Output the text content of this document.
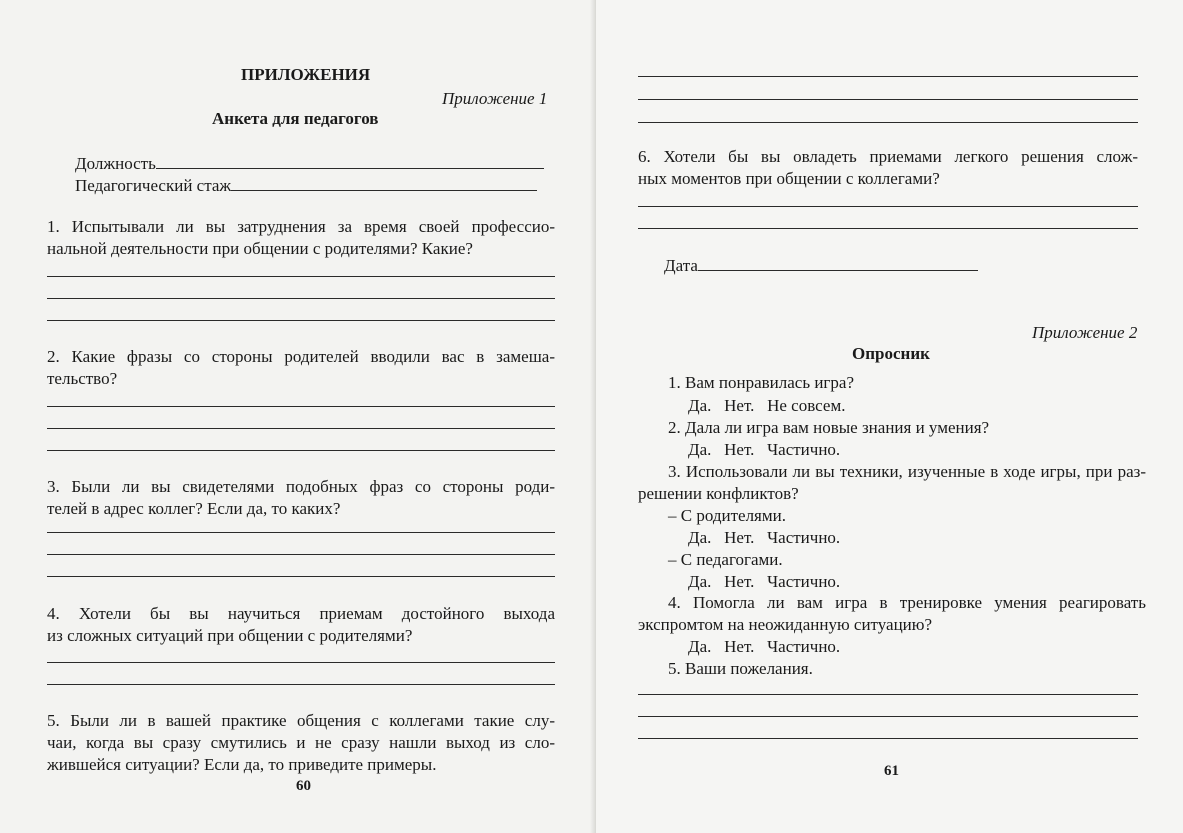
ПРИЛОЖЕНИЯ
Приложение 1
Анкета для педагогов
Должность
Педагогический стаж
1. Испытывали ли вы затруднения за время своей профессио-
нальной деятельности при общении с родителями? Какие?
2. Какие фразы со стороны родителей вводили вас в замеша-
тельство?
3. Были ли вы свидетелями подобных фраз со стороны роди-
телей в адрес коллег? Если да, то каких?
4. Хотели бы вы научиться приемам достойного выхода
из сложных ситуаций при общении с родителями?
5. Были ли в вашей практике общения с коллегами такие слу-
чаи, когда вы сразу смутились и не сразу нашли выход из сло-
жившейся ситуации? Если да, то приведите примеры.
60
6. Хотели бы вы овладеть приемами легкого решения слож-
ных моментов при общении с коллегами?
Дата
Приложение 2
Опросник
1. Вам понравилась игра?
Да.   Нет.   Не совсем.
2. Дала ли игра вам новые знания и умения?
Да.   Нет.   Частично.
3. Использовали ли вы техники, изученные в ходе игры, при раз-
решении конфликтов?
– С родителями.
Да.   Нет.   Частично.
– С педагогами.
Да.   Нет.   Частично.
4. Помогла ли вам игра в тренировке умения реагировать
экспромтом на неожиданную ситуацию?
Да.   Нет.   Частично.
5. Ваши пожелания.
61
